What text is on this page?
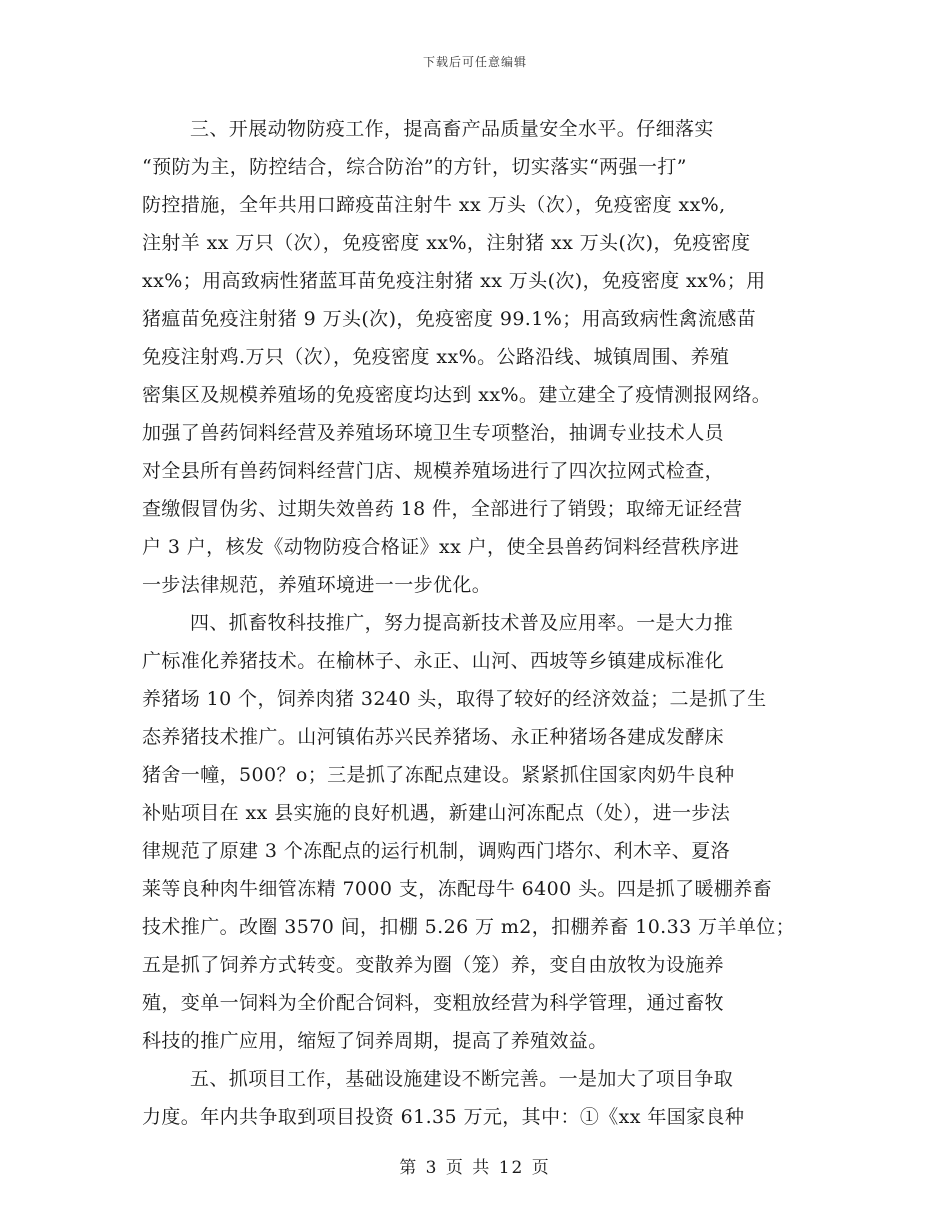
下载后可任意编辑
三、开展动物防疫工作，提高畜产品质量安全水平。仔细落实
“预防为主，防控结合，综合防治”的方针，切实落实“两强一打”
防控措施，全年共用口蹄疫苗注射牛 xx 万头（次），免疫密度 xx%,
注射羊 xx 万只（次），免疫密度 xx%，注射猪 xx 万头(次)，免疫密度
xx%；用高致病性猪蓝耳苗免疫注射猪 xx 万头(次)，免疫密度 xx%；用
猪瘟苗免疫注射猪 9 万头(次)，免疫密度 99.1%；用高致病性禽流感苗
免疫注射鸡.万只（次），免疫密度 xx%。公路沿线、城镇周围、养殖
密集区及规模养殖场的免疫密度均达到 xx%。建立建全了疫情测报网络。
加强了兽药饲料经营及养殖场环境卫生专项整治，抽调专业技术人员
对全县所有兽药饲料经营门店、规模养殖场进行了四次拉网式检查，
查缴假冒伪劣、过期失效兽药 18 件，全部进行了销毁；取缔无证经营
户 3 户，核发《动物防疫合格证》xx 户，使全县兽药饲料经营秩序进
一步法律规范，养殖环境进一一步优化。
四、抓畜牧科技推广，努力提高新技术普及应用率。一是大力推
广标准化养猪技术。在榆林子、永正、山河、西坡等乡镇建成标准化
养猪场 10 个，饲养肉猪 3240 头，取得了较好的经济效益；二是抓了生
态养猪技术推广。山河镇佑苏兴民养猪场、永正种猪场各建成发酵床
猪舍一幢，500？o；三是抓了冻配点建设。紧紧抓住国家肉奶牛良种
补贴项目在 xx 县实施的良好机遇，新建山河冻配点（处），进一步法
律规范了原建 3 个冻配点的运行机制，调购西门塔尔、利木辛、夏洛
莱等良种肉牛细管冻精 7000 支，冻配母牛 6400 头。四是抓了暖棚养畜
技术推广。改圈 3570 间，扣棚 5.26 万 m2，扣棚养畜 10.33 万羊单位；
五是抓了饲养方式转变。变散养为圈（笼）养，变自由放牧为设施养
殖，变单一饲料为全价配合饲料，变粗放经营为科学管理，通过畜牧
科技的推广应用，缩短了饲养周期，提高了养殖效益。
五、抓项目工作，基础设施建设不断完善。一是加大了项目争取
力度。年内共争取到项目投资 61.35 万元，其中：①《xx 年国家良种
第 3 页 共 12 页
